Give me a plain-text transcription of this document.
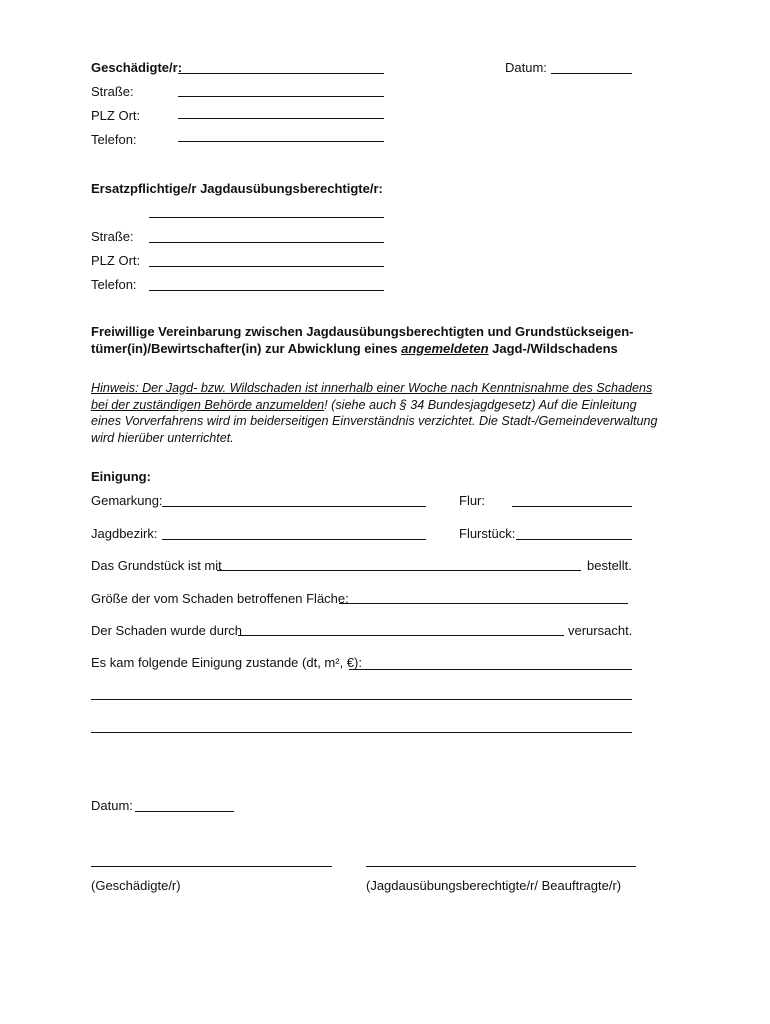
Geschädigte/r:	Datum:
Straße:
PLZ Ort:
Telefon:
Ersatzpflichtige/r Jagdausübungsberechtigte/r:
Straße:
PLZ Ort:
Telefon:
Freiwillige Vereinbarung zwischen Jagdausübungsberechtigten und Grundstückseigen-
tümer(in)/Bewirtschafter(in) zur Abwicklung eines angemeldeten Jagd-/Wildschadens
Hinweis: Der Jagd- bzw. Wildschaden ist innerhalb einer Woche nach Kenntnisnahme des Schadens bei der zuständigen Behörde anzumelden! (siehe auch § 34 Bundesjagdgesetz) Auf die Einleitung eines Vorverfahrens wird im beiderseitigen Einverständnis verzichtet. Die Stadt-/Gemeindeverwaltung wird hierüber unterrichtet.
Einigung:
Gemarkung:	Flur:
Jagdbezirk:	Flurstück:
Das Grundstück ist mit	bestellt.
Größe der vom Schaden betroffenen Fläche:
Der Schaden wurde durch	verursacht.
Es kam folgende Einigung zustande (dt, m², €):
Datum:
(Geschädigte/r)	(Jagdausübungsberechtigte/r/ Beauftragte/r)
